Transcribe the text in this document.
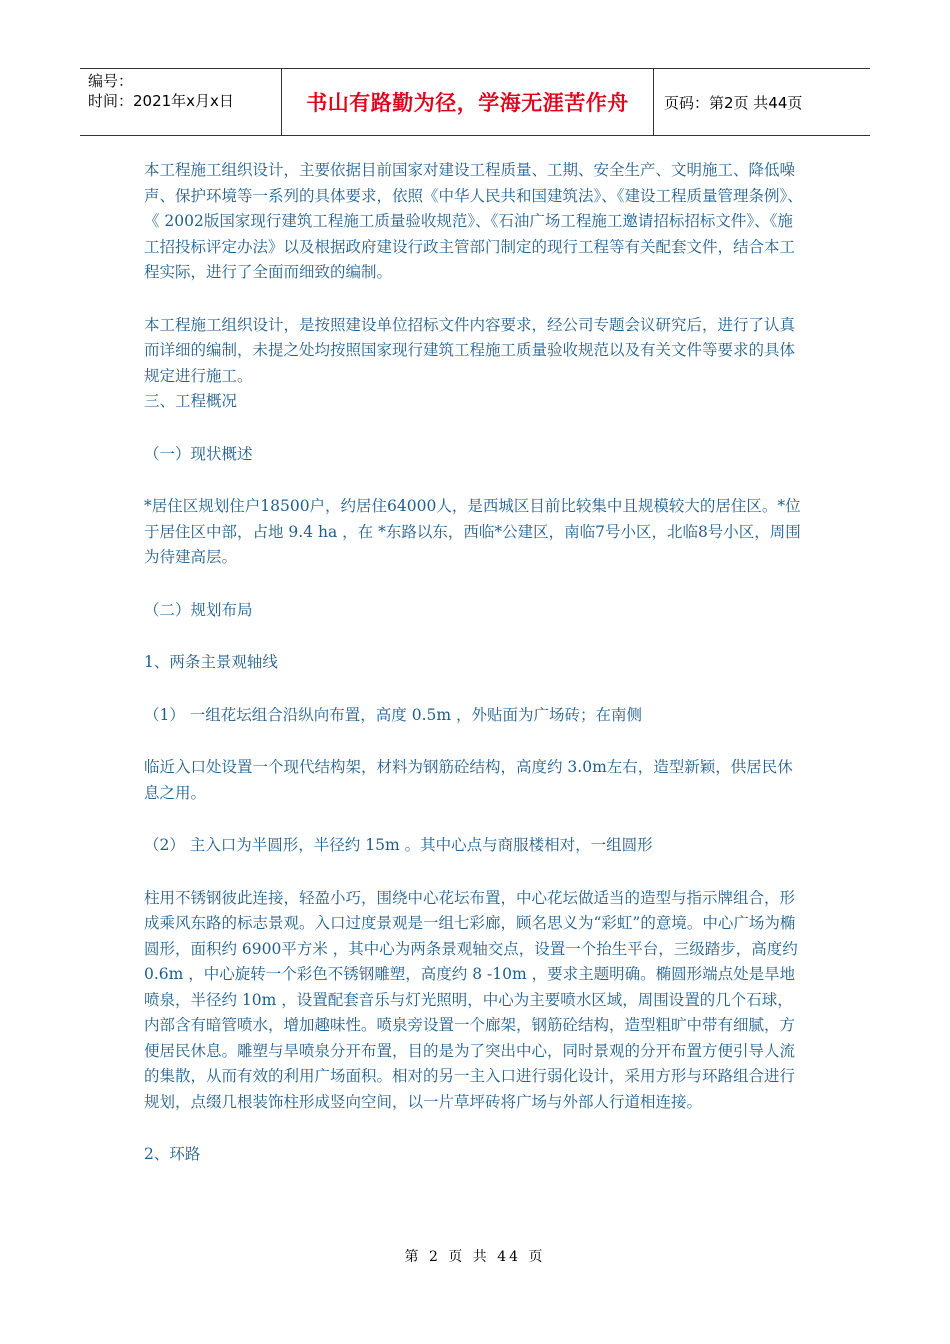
编号：
时间：2021年x月x日	书山有路勤为径，学海无涯苦作舟	页码：第2页 共44页

本工程施工组织设计，主要依据目前国家对建设工程质量、工期、安全生产、文明施工、降低噪声、保护环境等一系列的具体要求，依照《中华人民共和国建筑法》、《建设工程质量管理条例》、《 2002版国家现行建筑工程施工质量验收规范》、《石油广场工程施工邀请招标招标文件》、《施工招投标评定办法》以及根据政府建设行政主管部门制定的现行工程等有关配套文件，结合本工程实际，进行了全面而细致的编制。

本工程施工组织设计，是按照建设单位招标文件内容要求，经公司专题会议研究后，进行了认真而详细的编制，未提之处均按照国家现行建筑工程施工质量验收规范以及有关文件等要求的具体规定进行施工。

三、工程概况

（一）现状概述

*居住区规划住户18500户，约居住64000人，是西城区目前比较集中且规模较大的居住区。*位于居住区中部，占地 9.4 ha ，在 *东路以东，西临*公建区，南临7号小区，北临8号小区，周围为待建高层。

（二）规划布局

1、两条主景观轴线

（1） 一组花坛组合沿纵向布置，高度 0.5m ，外贴面为广场砖；在南侧

临近入口处设置一个现代结构架，材料为钢筋砼结构，高度约 3.0m左右，造型新颖，供居民休息之用。

（2） 主入口为半圆形，半径约 15m 。其中心点与商服楼相对，一组圆形

柱用不锈钢彼此连接，轻盈小巧，围绕中心花坛布置，中心花坛做适当的造型与指示牌组合，形成乘风东路的标志景观。入口过度景观是一组七彩廊，顾名思义为“彩虹”的意境。中心广场为椭圆形，面积约 6900平方米 ，其中心为两条景观轴交点，设置一个抬生平台，三级踏步，高度约 0.6m ，中心旋转一个彩色不锈钢雕塑，高度约 8 -10m ，要求主题明确。椭圆形端点处是旱地喷泉，半径约 10m ，设置配套音乐与灯光照明，中心为主要喷水区域，周围设置的几个石球，内部含有暗管喷水，增加趣味性。喷泉旁设置一个廊架，钢筋砼结构，造型粗旷中带有细腻，方便居民休息。雕塑与旱喷泉分开布置，目的是为了突出中心，同时景观的分开布置方便引导人流的集散，从而有效的利用广场面积。相对的另一主入口进行弱化设计，采用方形与环路组合进行规划，点缀几根装饰柱形成竖向空间，以一片草坪砖将广场与外部人行道相连接。

2、环路

第 2 页 共 44 页
